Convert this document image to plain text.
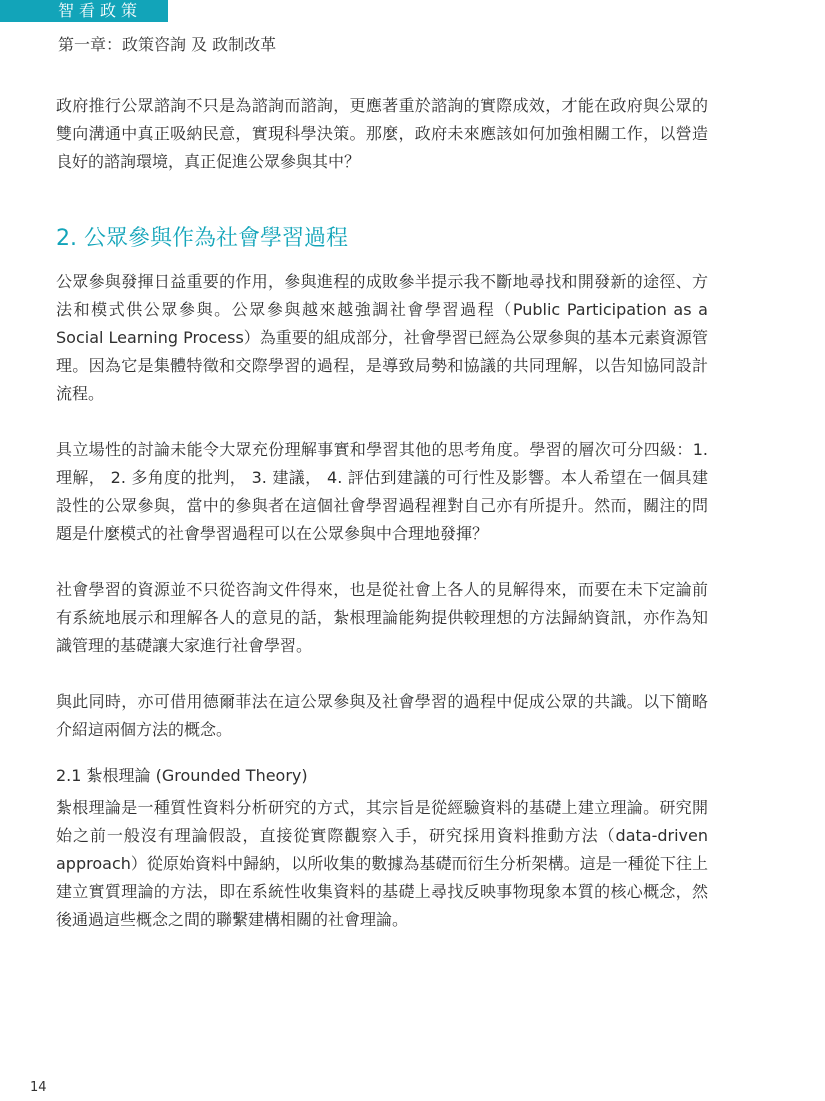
智看政策
第一章：政策咨詢 及 政制改革

政府推行公眾諮詢不只是為諮詢而諮詢，更應著重於諮詢的實際成效，才能在政府與公眾的雙向溝通中真正吸納民意，實現科學決策。那麼，政府未來應該如何加強相關工作，以營造良好的諮詢環境，真正促進公眾參與其中？

2. 公眾參與作為社會學習過程

公眾參與發揮日益重要的作用，參與進程的成敗參半提示我不斷地尋找和開發新的途徑、方法和模式供公眾參與。公眾參與越來越強調社會學習過程（Public Participation as a Social Learning Process）為重要的組成部分，社會學習已經為公眾參與的基本元素資源管理。因為它是集體特徵和交際學習的過程，是導致局勢和協議的共同理解，以告知協同設計流程。

具立場性的討論未能令大眾充份理解事實和學習其他的思考角度。學習的層次可分四級：1. 理解， 2. 多角度的批判， 3. 建議， 4. 評估到建議的可行性及影響。本人希望在一個具建設性的公眾參與，當中的參與者在這個社會學習過程裡對自己亦有所提升。然而，關注的問題是什麼模式的社會學習過程可以在公眾參與中合理地發揮？

社會學習的資源並不只從咨詢文件得來，也是從社會上各人的見解得來，而要在未下定論前有系統地展示和理解各人的意見的話，紮根理論能夠提供較理想的方法歸納資訊，亦作為知識管理的基礎讓大家進行社會學習。

與此同時，亦可借用德爾菲法在這公眾參與及社會學習的過程中促成公眾的共識。以下簡略介紹這兩個方法的概念。

2.1 紮根理論 (Grounded Theory)

紮根理論是一種質性資料分析研究的方式，其宗旨是從經驗資料的基礎上建立理論。研究開始之前一般沒有理論假設，直接從實際觀察入手，研究採用資料推動方法（data-driven approach）從原始資料中歸納，以所收集的數據為基礎而衍生分析架構。這是一種從下往上建立實質理論的方法，即在系統性收集資料的基礎上尋找反映事物現象本質的核心概念，然後通過這些概念之間的聯繫建構相關的社會理論。

14
